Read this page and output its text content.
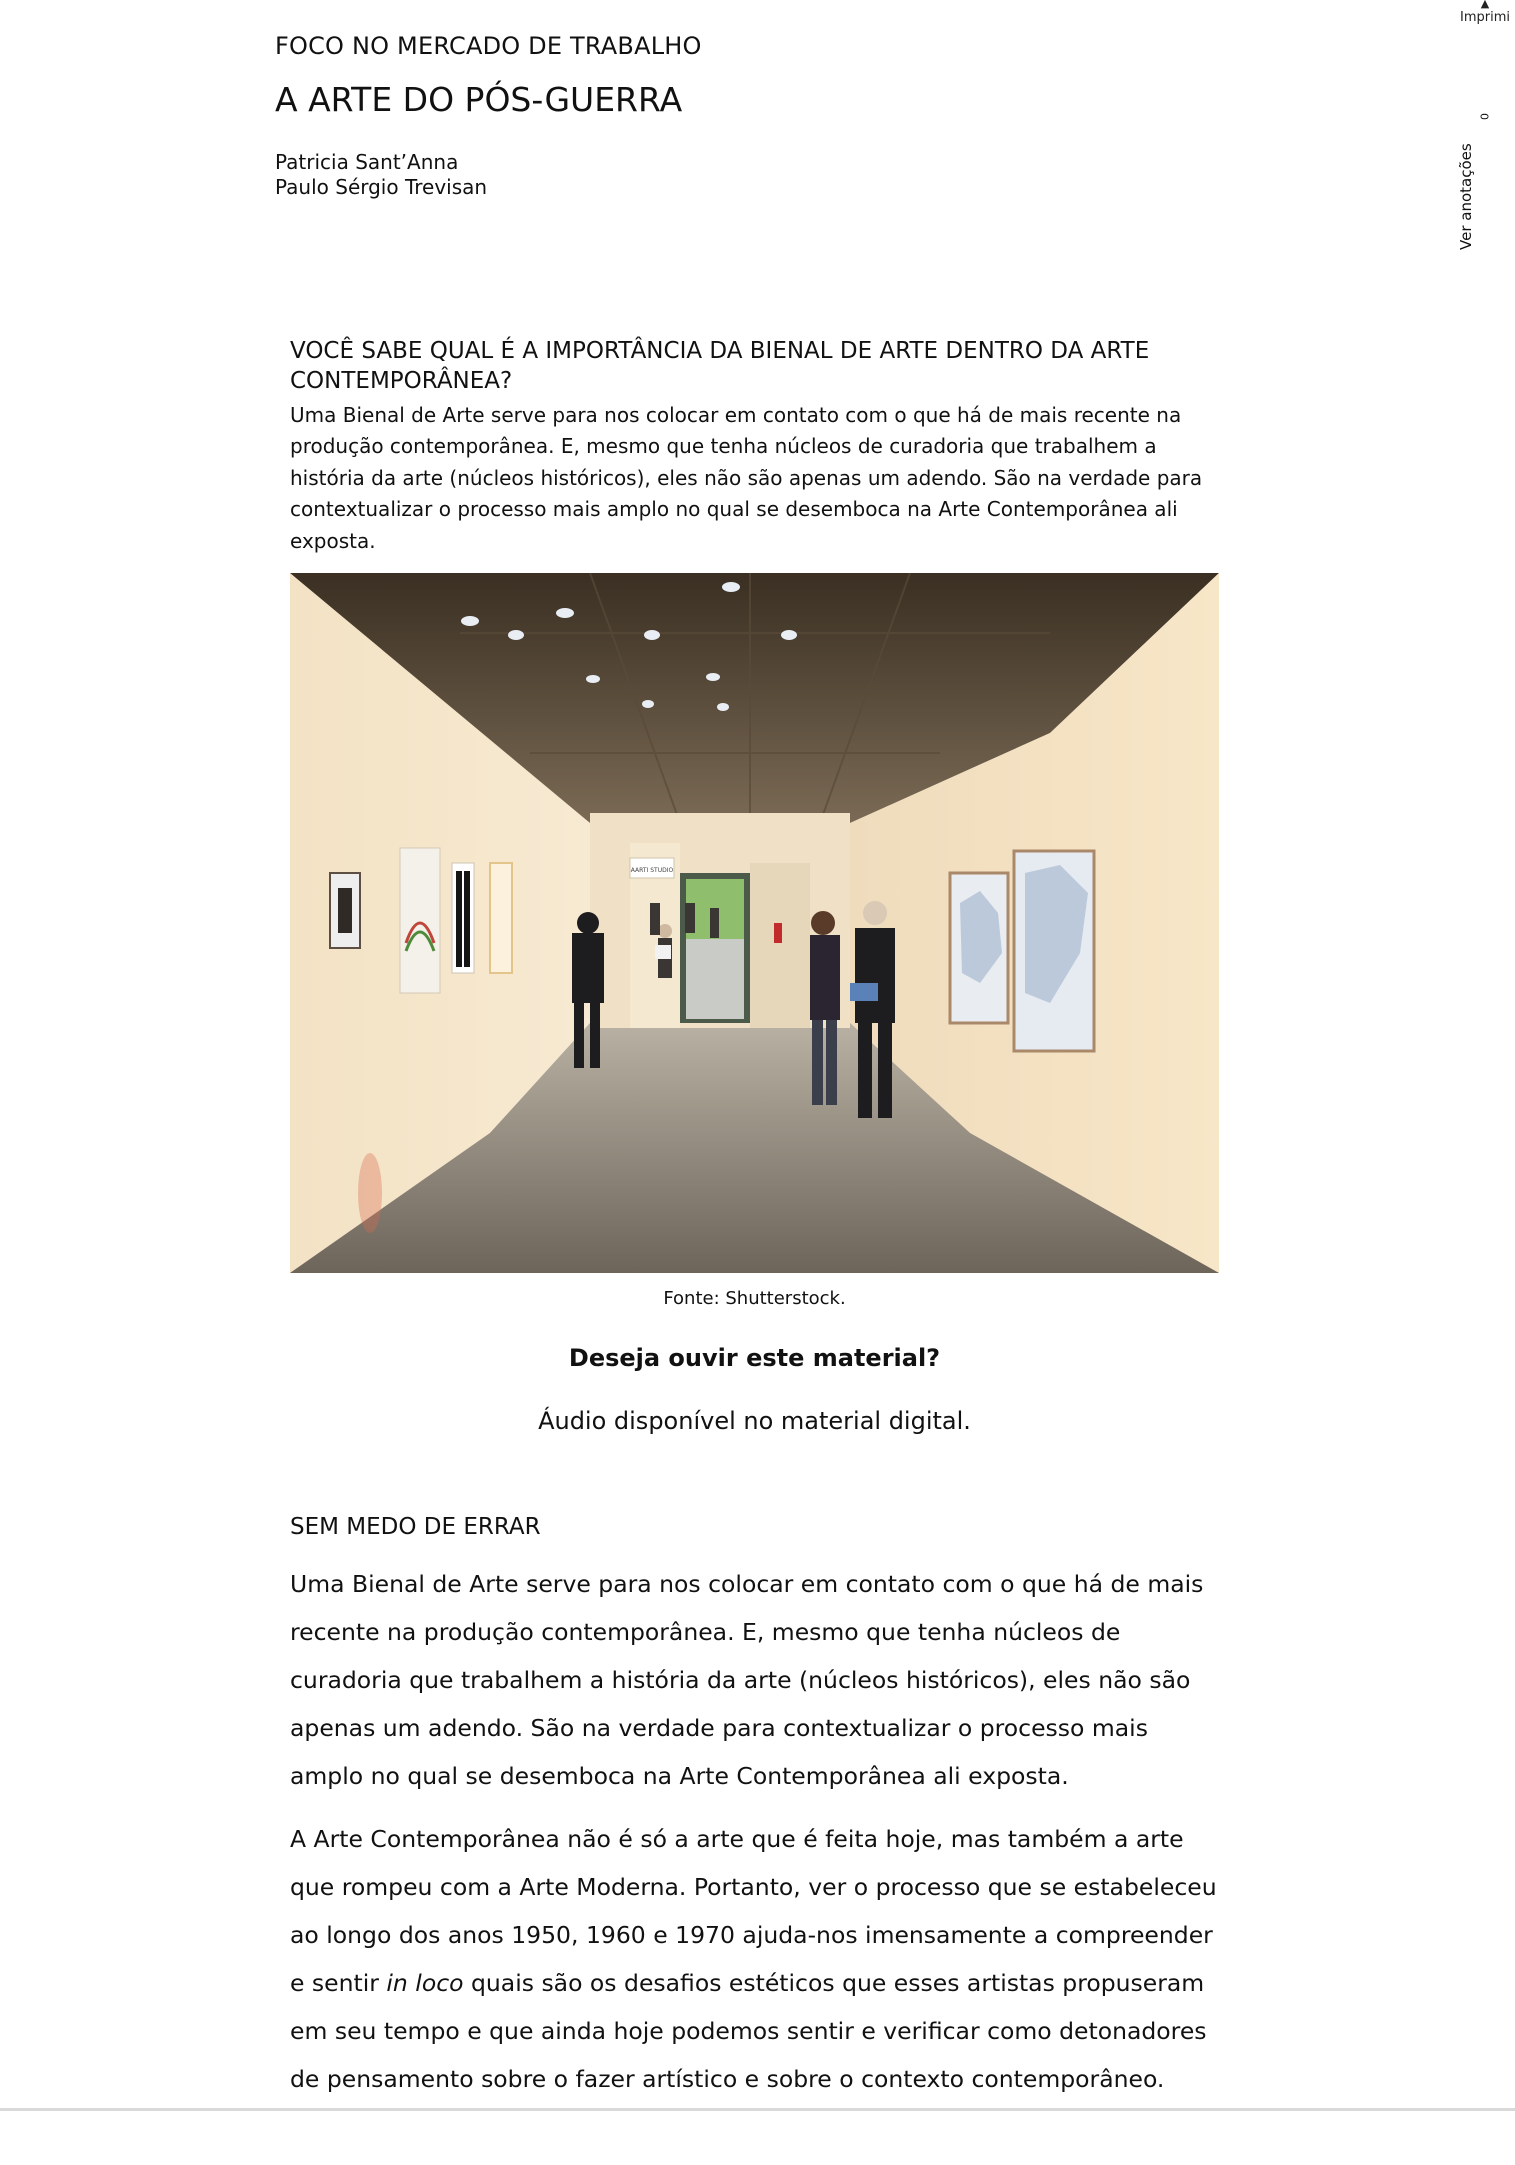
FOCO NO MERCADO DE TRABALHO
A ARTE DO PÓS-GUERRA
Patricia Sant’Anna
Paulo Sérgio Trevisan
▲
Imprimi
0
Ver anotações
VOCÊ SABE QUAL É A IMPORTÂNCIA DA BIENAL DE ARTE DENTRO DA ARTE CONTEMPORÂNEA?
Uma Bienal de Arte serve para nos colocar em contato com o que há de mais recente na produção contemporânea. E, mesmo que tenha núcleos de curadoria que trabalhem a história da arte (núcleos históricos), eles não são apenas um adendo. São na verdade para contextualizar o processo mais amplo no qual se desemboca na Arte Contemporânea ali exposta.
AARTI STUDIO
Fonte: Shutterstock.
Deseja ouvir este material?
Áudio disponível no material digital.
SEM MEDO DE ERRAR
Uma Bienal de Arte serve para nos colocar em contato com o que há de mais recente na produção contemporânea. E, mesmo que tenha núcleos de curadoria que trabalhem a história da arte (núcleos históricos), eles não são apenas um adendo. São na verdade para contextualizar o processo mais amplo no qual se desemboca na Arte Contemporânea ali exposta.
A Arte Contemporânea não é só a arte que é feita hoje, mas também a arte que rompeu com a Arte Moderna. Portanto, ver o processo que se estabeleceu ao longo dos anos 1950, 1960 e 1970 ajuda-nos imensamente a compreender e sentir in loco quais são os desafios estéticos que esses artistas propuseram em seu tempo e que ainda hoje podemos sentir e verificar como detonadores de pensamento sobre o fazer artístico e sobre o contexto contemporâneo.
